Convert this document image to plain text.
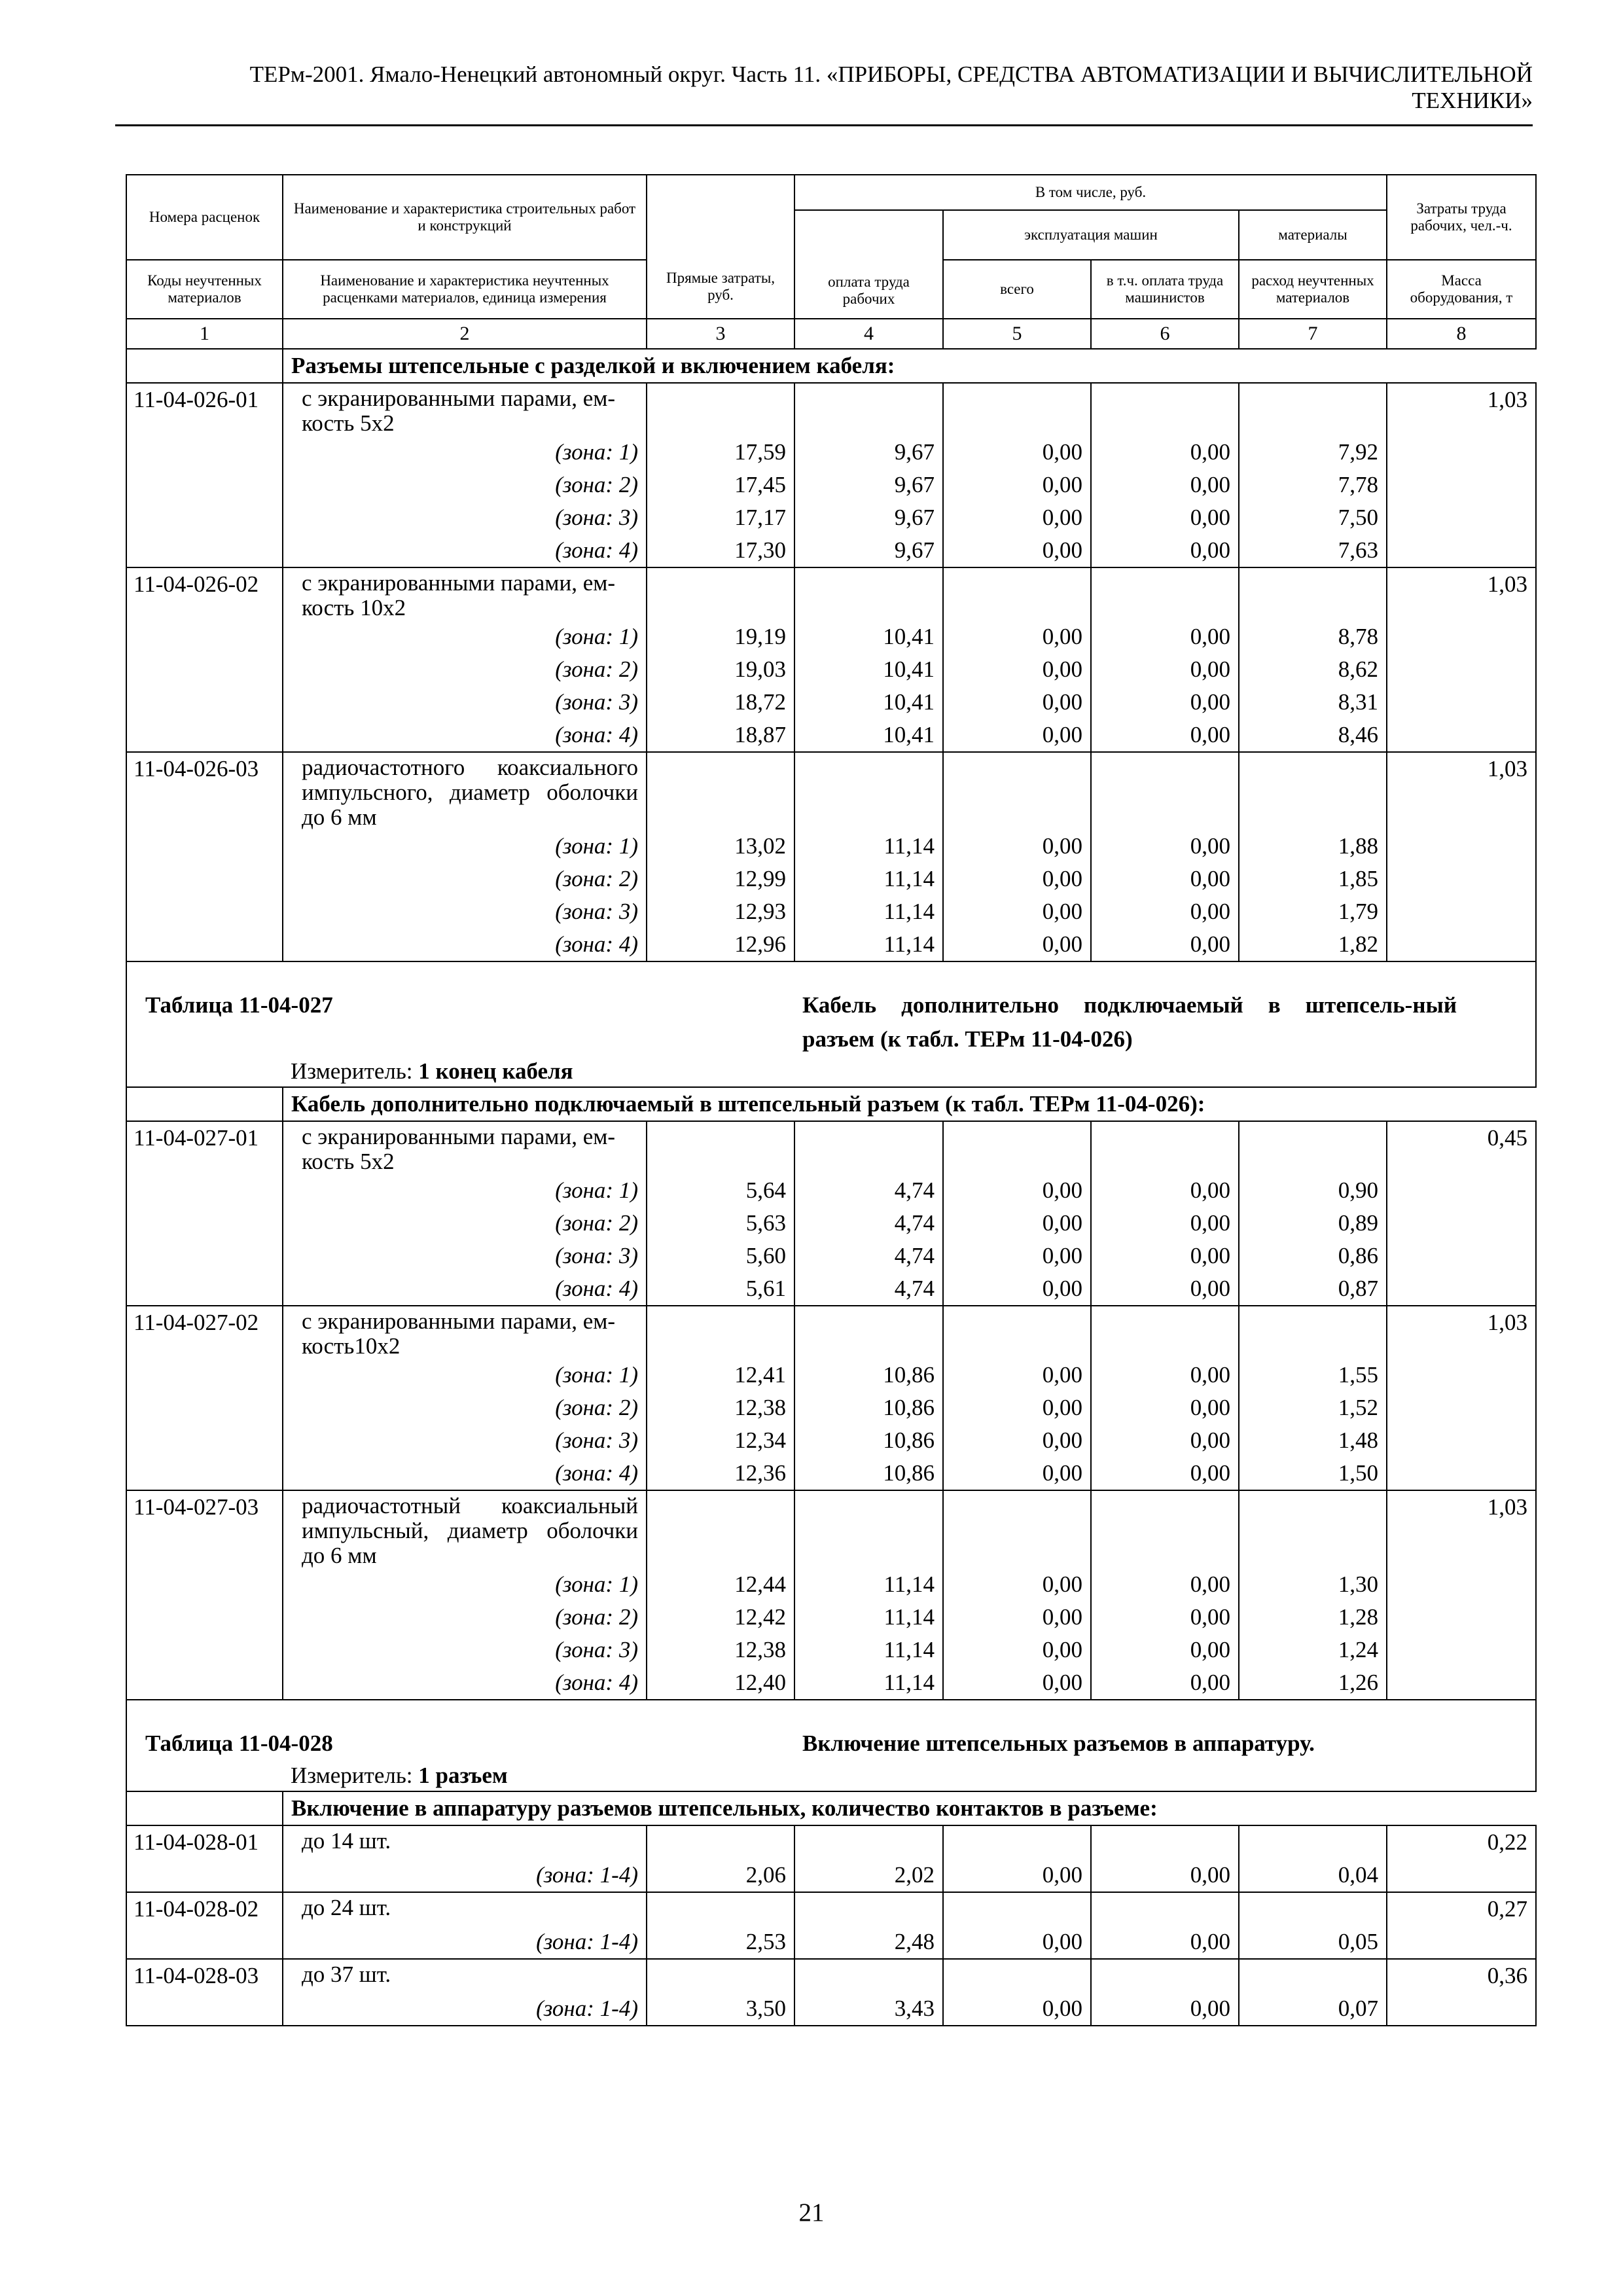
ТЕРм-2001. Ямало-Ненецкий автономный округ. Часть 11. «ПРИБОРЫ, СРЕДСТВА АВТОМАТИЗАЦИИ И ВЫЧИСЛИТЕЛЬНОЙ
ТЕХНИКИ»
Номера расценок	Наименование и характеристика строительных работ и конструкций	Прямые затраты, руб.	В том числе, руб.				Затраты труда рабочих, чел.-ч.
			оплата труда рабочих	эксплуатация машин		материалы	
Коды неучтенных материалов	Наименование и характеристика неучтенных расценками материалов, единица измерения			всего	в т.ч. оплата труда машинистов	расход неучтенных материалов	Масса оборудования, т
1	2	3	4	5	6	7	8
	Разъемы штепсельные с разделкой и включением кабеля:						
11-04-026-01	с экранированными парами, ем-кость 5х2						1,03
	(зона: 1)	17,59	9,67	0,00	0,00	7,92	
	(зона: 2)	17,45	9,67	0,00	0,00	7,78	
	(зона: 3)	17,17	9,67	0,00	0,00	7,50	
	(зона: 4)	17,30	9,67	0,00	0,00	7,63	
11-04-026-02	с экранированными парами, ем-кость 10х2						1,03
	(зона: 1)	19,19	10,41	0,00	0,00	8,78	
	(зона: 2)	19,03	10,41	0,00	0,00	8,62	
	(зона: 3)	18,72	10,41	0,00	0,00	8,31	
	(зона: 4)	18,87	10,41	0,00	0,00	8,46	
11-04-026-03	радиочастотного коаксиального импульсного, диаметр оболочки до 6 мм						1,03
	(зона: 1)	13,02	11,14	0,00	0,00	1,88	
	(зона: 2)	12,99	11,14	0,00	0,00	1,85	
	(зона: 3)	12,93	11,14	0,00	0,00	1,79	
	(зона: 4)	12,96	11,14	0,00	0,00	1,82	
Таблица 11-04-027			Кабель дополнительно подключаемый в штепсель-ный разъем (к табл. ТЕРм 11-04-026)				
	Измеритель: 1 конец кабеля						
	Кабель дополнительно подключаемый в штепсельный разъем (к табл. ТЕРм 11-04-026):						
11-04-027-01	с экранированными парами, ем-кость 5х2						0,45
	(зона: 1)	5,64	4,74	0,00	0,00	0,90	
	(зона: 2)	5,63	4,74	0,00	0,00	0,89	
	(зона: 3)	5,60	4,74	0,00	0,00	0,86	
	(зона: 4)	5,61	4,74	0,00	0,00	0,87	
11-04-027-02	с экранированными парами, ем-кость10х2						1,03
	(зона: 1)	12,41	10,86	0,00	0,00	1,55	
	(зона: 2)	12,38	10,86	0,00	0,00	1,52	
	(зона: 3)	12,34	10,86	0,00	0,00	1,48	
	(зона: 4)	12,36	10,86	0,00	0,00	1,50	
11-04-027-03	радиочастотный коаксиальный импульсный, диаметр оболочки до 6 мм						1,03
	(зона: 1)	12,44	11,14	0,00	0,00	1,30	
	(зона: 2)	12,42	11,14	0,00	0,00	1,28	
	(зона: 3)	12,38	11,14	0,00	0,00	1,24	
	(зона: 4)	12,40	11,14	0,00	0,00	1,26	
Таблица 11-04-028			Включение штепсельных разъемов в аппаратуру.				
	Измеритель: 1 разъем						
	Включение в аппаратуру разъемов штепсельных, количество контактов в разъеме:						
11-04-028-01	до 14 шт.						0,22
	(зона: 1-4)	2,06	2,02	0,00	0,00	0,04	
11-04-028-02	до 24 шт.						0,27
	(зона: 1-4)	2,53	2,48	0,00	0,00	0,05	
11-04-028-03	до 37 шт.						0,36
	(зона: 1-4)	3,50	3,43	0,00	0,00	0,07	
21
